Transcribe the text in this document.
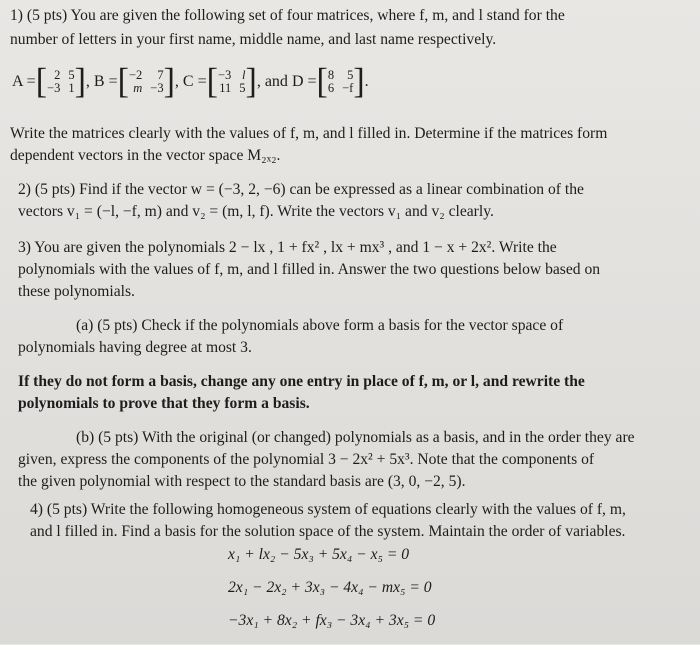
1) (5 pts) You are given the following set of four matrices, where f, m, and l stand for the
number of letters in your first name, middle name, and last name respectively.
A = [ 2 5
−3 1 ] , B = [ −2	7
m −3 ] , C = [ −3 l
11 5 ] , and D = [ 8	5
6 −f ] .
Write the matrices clearly with the values of f, m, and l filled in. Determine if the matrices form
dependent vectors in the vector space M₂ₓ₂.
2) (5 pts) Find if the vector w = (−3, 2, −6) can be expressed as a linear combination of the
vectors v₁ = (−l, −f, m) and v₂ = (m, l, f). Write the vectors v₁ and v₂ clearly.
3) You are given the polynomials 2 − lx , 1 + fx² , lx + mx³ , and 1 − x + 2x². Write the
polynomials with the values of f, m, and l filled in. Answer the two questions below based on
these polynomials.
(a) (5 pts) Check if the polynomials above form a basis for the vector space of
polynomials having degree at most 3.
If they do not form a basis, change any one entry in place of f, m, or l, and rewrite the
polynomials to prove that they form a basis.
(b) (5 pts) With the original (or changed) polynomials as a basis, and in the order they are
given, express the components of the polynomial 3 − 2x² + 5x³. Note that the components of
the given polynomial with respect to the standard basis are (3, 0, −2, 5).
4) (5 pts) Write the following homogeneous system of equations clearly with the values of f, m,
and l filled in. Find a basis for the solution space of the system. Maintain the order of variables.
x₁ + lx₂ − 5x₃ + 5x₄ − x₅ = 0
2x₁ − 2x₂ + 3x₃ − 4x₄ − mx₅ = 0
−3x₁ + 8x₂ + fx₃ − 3x₄ + 3x₅ = 0
